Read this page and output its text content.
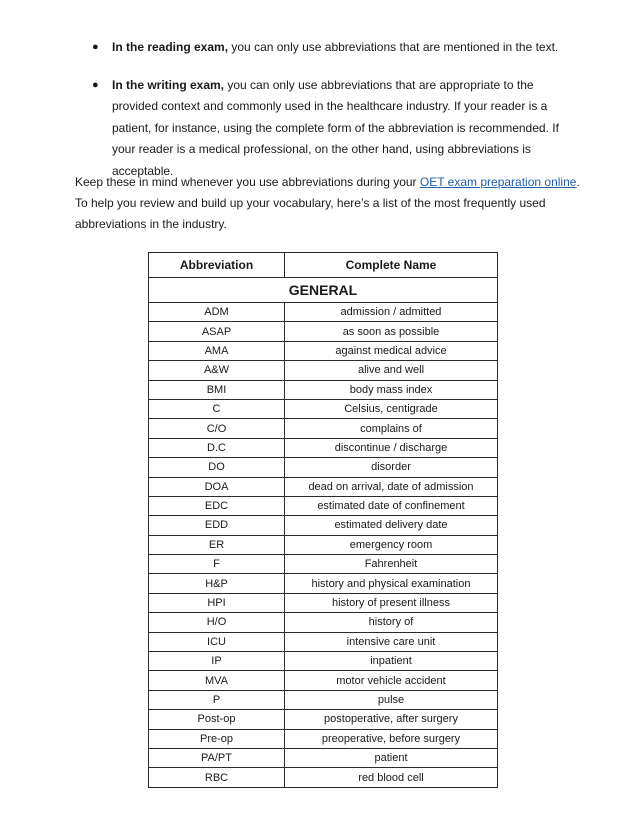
● In the reading exam, you can only use abbreviations that are mentioned in the text.
● In the writing exam, you can only use abbreviations that are appropriate to the provided context and commonly used in the healthcare industry. If your reader is a patient, for instance, using the complete form of the abbreviation is recommended. If your reader is a medical professional, on the other hand, using abbreviations is acceptable.

Keep these in mind whenever you use abbreviations during your OET exam preparation online. To help you review and build up your vocabulary, here’s a list of the most frequently used abbreviations in the industry.

Abbreviation	Complete Name
GENERAL	
ADM	admission / admitted
ASAP	as soon as possible
AMA	against medical advice
A&W	alive and well
BMI	body mass index
C	Celsius, centigrade
C/O	complains of
D.C	discontinue / discharge
DO	disorder
DOA	dead on arrival, date of admission
EDC	estimated date of confinement
EDD	estimated delivery date
ER	emergency room
F	Fahrenheit
H&P	history and physical examination
HPI	history of present illness
H/O	history of
ICU	intensive care unit
IP	inpatient
MVA	motor vehicle accident
P	pulse
Post-op	postoperative, after surgery
Pre-op	preoperative, before surgery
PA/PT	patient
RBC	red blood cell
